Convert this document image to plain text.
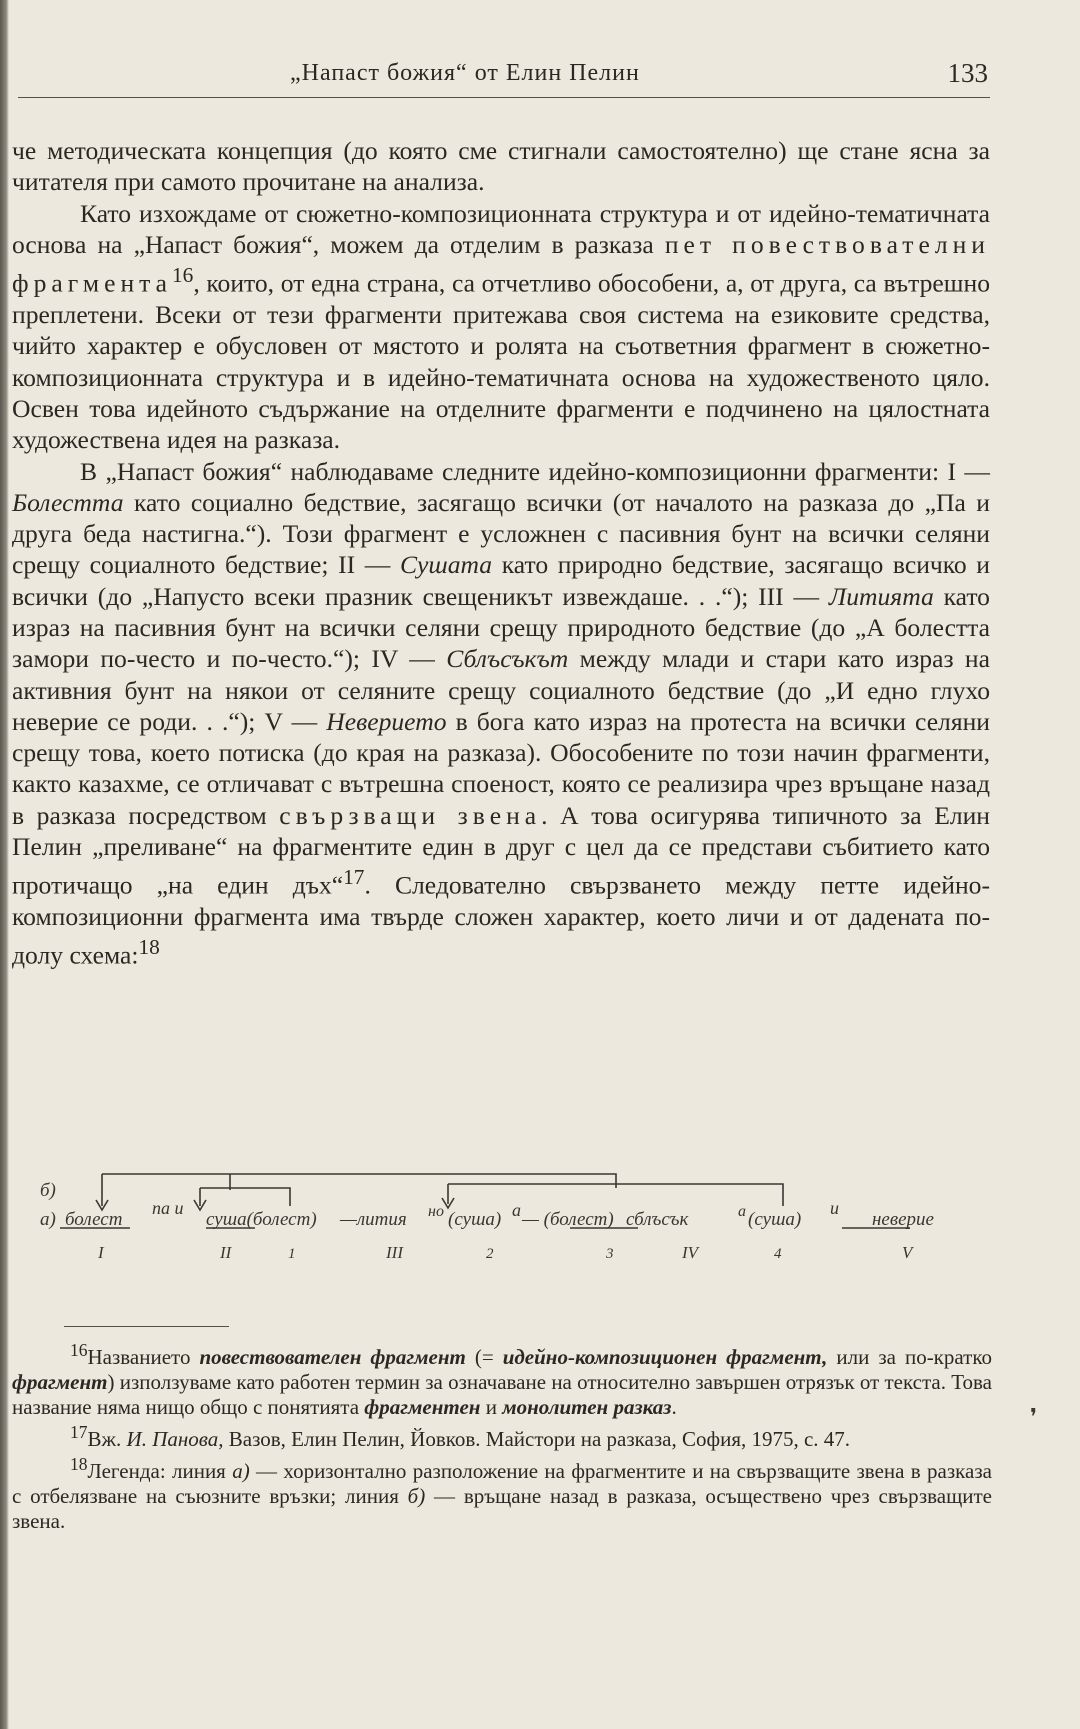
„Напаст божия“ от Елин Пелин	133

че методическата концепция (до която сме стигнали самостоятелно) ще стане ясна за читателя при самото прочитане на анализа.

Като изхождаме от сюжетно-композиционната структура и от идейно-тематичната основа на „Напаст божия“, можем да отделим в разказа пет повествователни фрагмента$^{16}$, които, от една страна, са отчетливо обособени, а, от друга, са вътрешно преплетени. Всеки от тези фрагменти притежава своя система на езиковите средства, чийто характер е обусловен от мястото и ролята на съответния фрагмент в сюжетно-композиционната структура и в идейно-тематичната основа на художественото цяло. Освен това идейното съдържание на отделните фрагменти е подчинено на цялостната художествена идея на разказа.

В „Напаст божия“ наблюдаваме следните идейно-композиционни фрагменти: I — Болестта като социално бедствие, засягащо всички (от началото на разказа до „Па и друга беда настигна.“). Този фрагмент е усложнен с пасивния бунт на всички селяни срещу социалното бедствие; II — Сушата като природно бедствие, засягащо всичко и всички (до „Напусто всеки празник свещеникът извеждаше. . .“); III — Литията като израз на пасивния бунт на всички селяни срещу природното бедствие (до „А болестта замори по-често и по-често.“); IV — Сблъсъкът между млади и стари като израз на активния бунт на някои от селяните срещу социалното бедствие (до „И едно глухо неверие се роди. . .“); V — Неверието в бога като израз на протеста на всички селяни срещу това, което потиска (до края на разказа). Обособените по този начин фрагменти, както казахме, се отличават с вътрешна споеност, която се реализира чрез връщане назад в разказа посредством свързващи звена. А това осигурява типичното за Елин Пелин „преливане“ на фрагментите един в друг с цел да се представи събитието като протичащо „на един дъх“$^{17}$. Следователно свързването между петте идейно-композиционни фрагмента има твърде сложен характер, което личи и от дадената по-долу схема:$^{18}$

б)
а) болест
па и
суша(болест) —лития но (суша) а — (болест) сблъсък	а (суша)
и
неверие
I	II	1	III	2	3	IV	4	V

$^{16}$Названието повествователен фрагмент (= идейно-композиционен фрагмент, или за по-кратко фрагмент) използуваме като работен термин за означаване на относително завършен отрязък от текста. Това название няма нищо общо с понятията фрагментен и монолитен разказ.

$^{17}$Вж. И. Панова, Вазов, Елин Пелин, Йовков. Майстори на разказа, София, 1975, с. 47.

$^{18}$Легенда: линия а) — хоризонтално разположение на фрагментите и на свързващите звена в разказа с отбелязване на съюзните връзки; линия б) — връщане назад в разказа, осъществено чрез свързващите звена.

❜
